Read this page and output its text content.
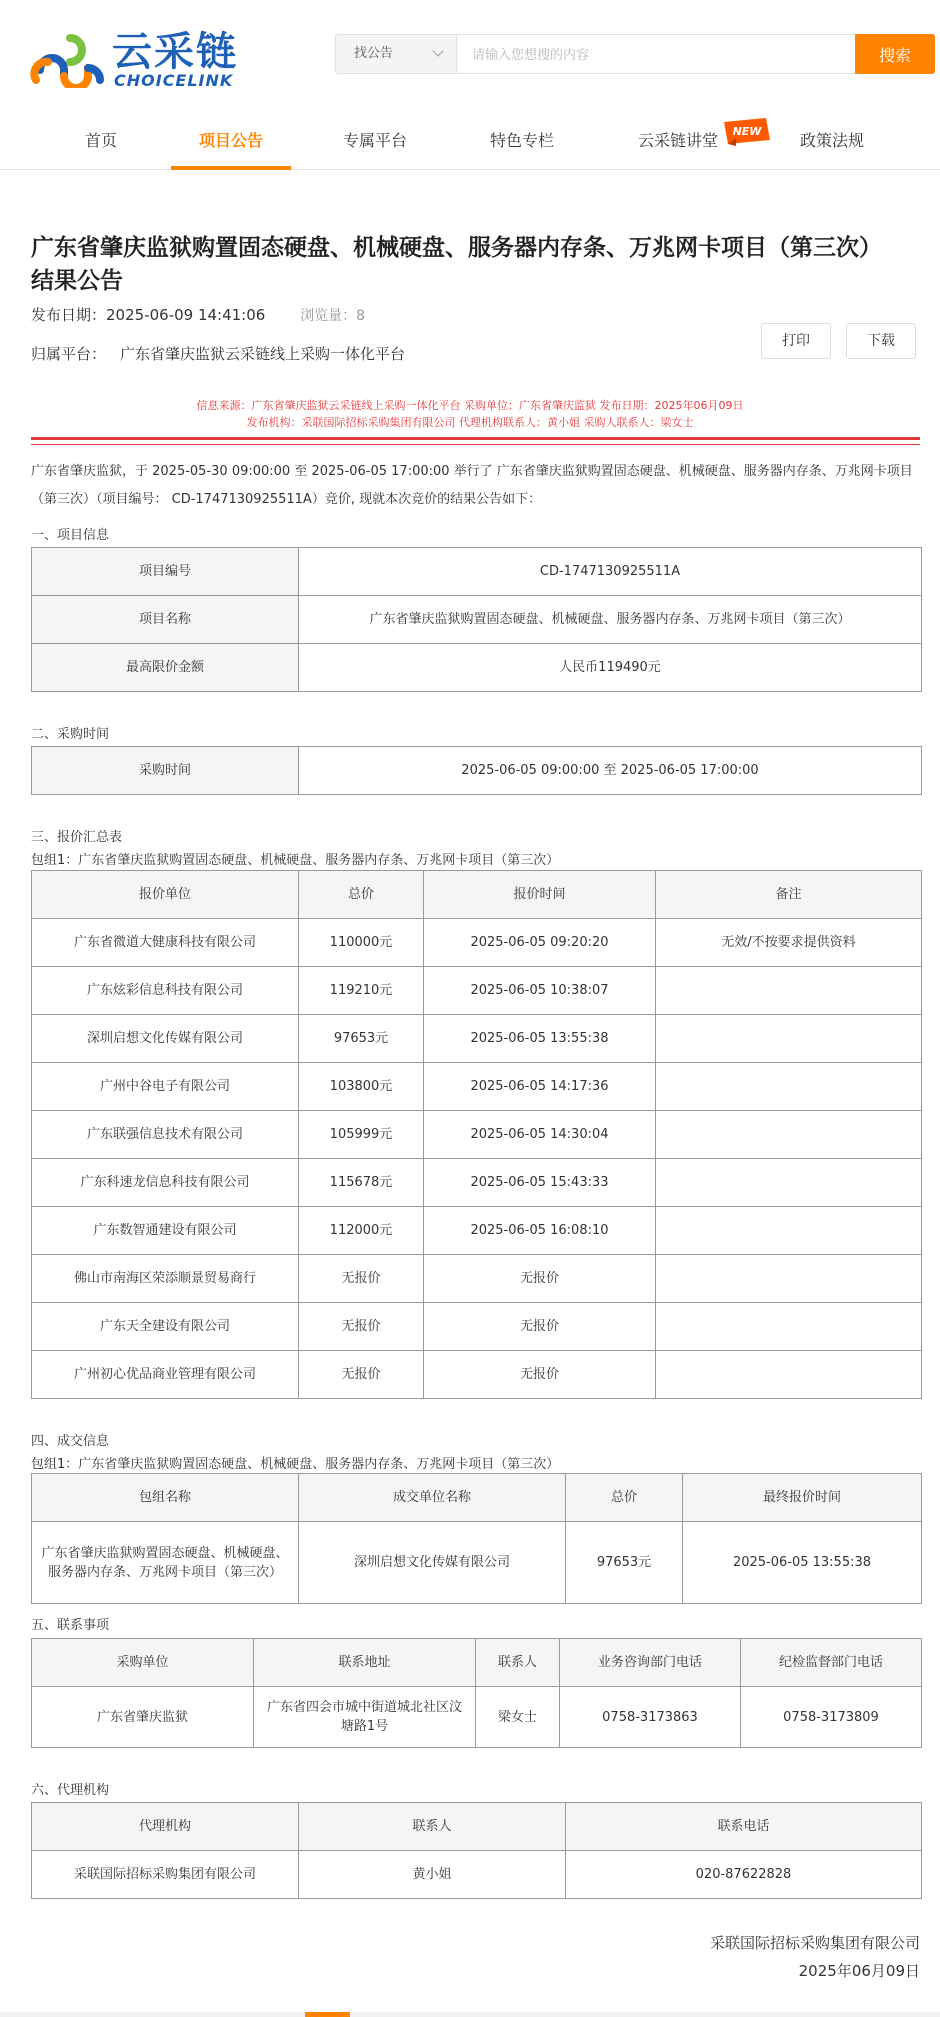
云采链
CHOICELINK
找公告
请输入您想搜的内容	搜索
首页	项目公告	专属平台	特色专栏	云采链讲堂	政策法规
NEW
广东省肇庆监狱购置固态硬盘、机械硬盘、服务器内存条、万兆网卡项目（第三次）结果公告
发布日期：2025-06-09 14:41:06 浏览量：8
归属平台： 广东省肇庆监狱云采链线上采购一体化平台
打印	下载
信息来源：广东省肇庆监狱云采链线上采购一体化平台 采购单位：广东省肇庆监狱 发布日期：2025年06月09日
发布机构：采联国际招标采购集团有限公司 代理机构联系人：黄小姐 采购人联系人：梁女士
广东省肇庆监狱，于 2025-05-30 09:00:00 至 2025-06-05 17:00:00 举行了 广东省肇庆监狱购置固态硬盘、机械硬盘、服务器内存条、万兆网卡项目（第三次）（项目编号： CD-1747130925511A）竞价, 现就本次竞价的结果公告如下：
一、项目信息
项目编号	CD-1747130925511A
项目名称	广东省肇庆监狱购置固态硬盘、机械硬盘、服务器内存条、万兆网卡项目（第三次）
最高限价金额	人民币119490元
二、采购时间
采购时间	2025-06-05 09:00:00 至 2025-06-05 17:00:00
三、报价汇总表
包组1：广东省肇庆监狱购置固态硬盘、机械硬盘、服务器内存条、万兆网卡项目（第三次）
报价单位	总价	报价时间	备注
广东省微道大健康科技有限公司	110000元	2025-06-05 09:20:20	无效/不按要求提供资料
广东炫彩信息科技有限公司	119210元	2025-06-05 10:38:07	
深圳启想文化传媒有限公司	97653元	2025-06-05 13:55:38	
广州中谷电子有限公司	103800元	2025-06-05 14:17:36	
广东联强信息技术有限公司	105999元	2025-06-05 14:30:04	
广东科速龙信息科技有限公司	115678元	2025-06-05 15:43:33	
广东数智通建设有限公司	112000元	2025-06-05 16:08:10	
佛山市南海区荣添顺景贸易商行	无报价	无报价	
广东天全建设有限公司	无报价	无报价	
广州初心优品商业管理有限公司	无报价	无报价	
四、成交信息
包组1：广东省肇庆监狱购置固态硬盘、机械硬盘、服务器内存条、万兆网卡项目（第三次）
包组名称	成交单位名称	总价	最终报价时间
广东省肇庆监狱购置固态硬盘、机械硬盘、服务器内存条、万兆网卡项目（第三次）	深圳启想文化传媒有限公司	97653元	2025-06-05 13:55:38
五、联系事项
采购单位	联系地址	联系人	业务咨询部门电话	纪检监督部门电话
广东省肇庆监狱	广东省四会市城中街道城北社区汶塘路1号	梁女士	0758-3173863	0758-3173809
六、代理机构
代理机构	联系人	联系电话
采联国际招标采购集团有限公司	黄小姐	020-87622828
采联国际招标采购集团有限公司
2025年06月09日
